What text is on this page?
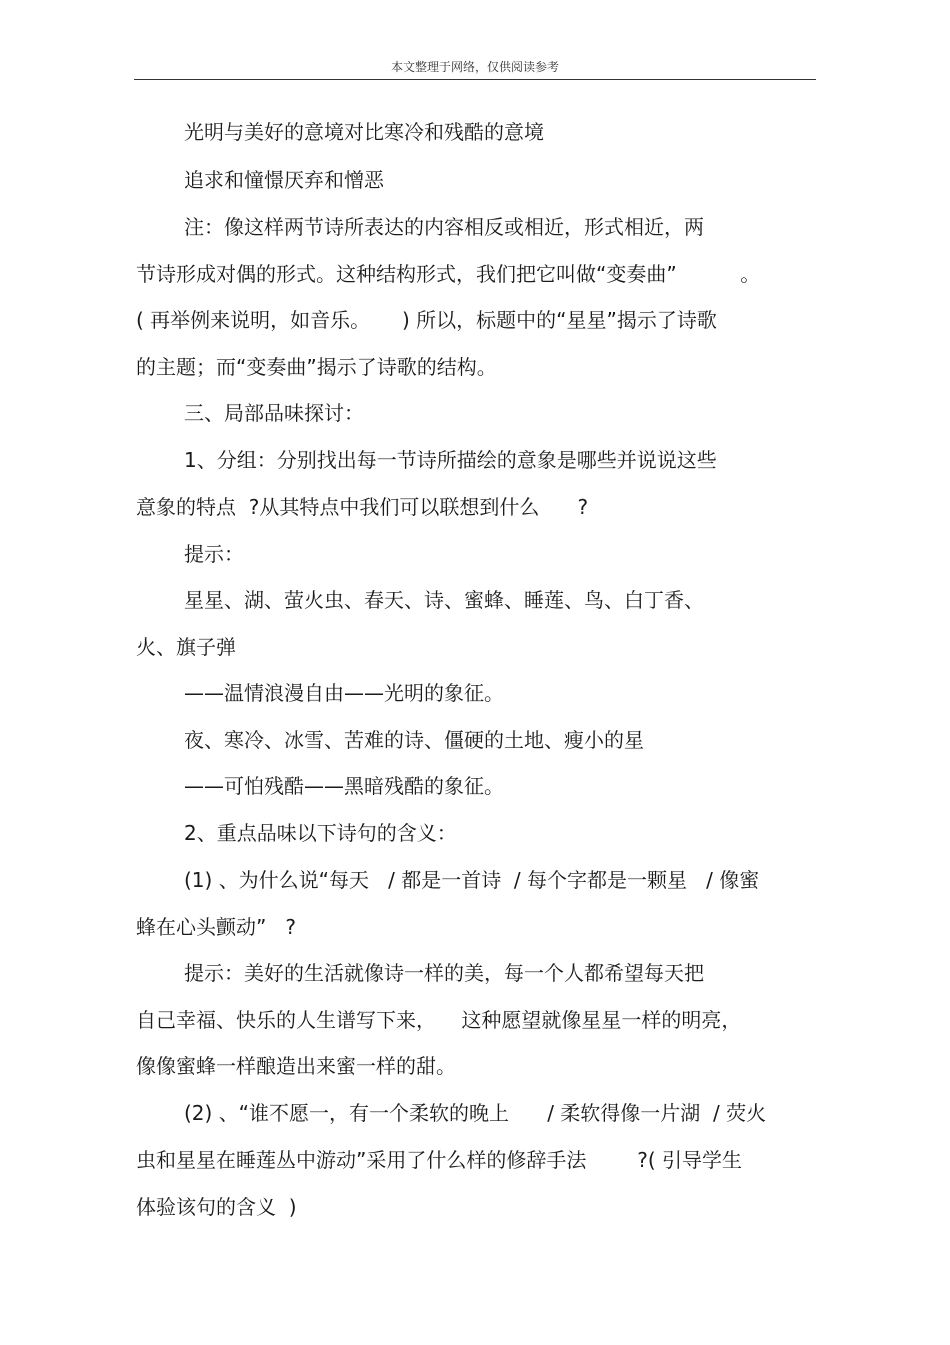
本文整理于网络，仅供阅读参考
光明与美好的意境对比寒冷和残酷的意境
追求和憧憬厌弃和憎恶
注：像这样两节诗所表达的内容相反或相近，形式相近，两
节诗形成对偶的形式。这种结构形式，我们把它叫做“变奏曲”          。
( 再举例来说明，如音乐。     ) 所以，标题中的“星星”揭示了诗歌
的主题；而“变奏曲”揭示了诗歌的结构。
三、局部品味探讨：
1、分组：分别找出每一节诗所描绘的意象是哪些并说说这些
意象的特点  ?从其特点中我们可以联想到什么      ?
提示：
星星、湖、萤火虫、春天、诗、蜜蜂、睡莲、鸟、白丁香、
火、旗子弹
——温情浪漫自由——光明的象征。
夜、寒冷、冰雪、苦难的诗、僵硬的土地、瘦小的星
——可怕残酷——黑暗残酷的象征。
2、重点品味以下诗句的含义：
(1) 、为什么说“每天   / 都是一首诗  / 每个字都是一颗星   / 像蜜
蜂在心头颤动”   ?
提示：美好的生活就像诗一样的美，每一个人都希望每天把
自己幸福、快乐的人生谱写下来，    这种愿望就像星星一样的明亮，
像像蜜蜂一样酿造出来蜜一样的甜。
(2) 、“谁不愿一，有一个柔软的晚上      / 柔软得像一片湖  / 荧火
虫和星星在睡莲丛中游动”采用了什么样的修辞手法        ?( 引导学生
体验该句的含义  )
